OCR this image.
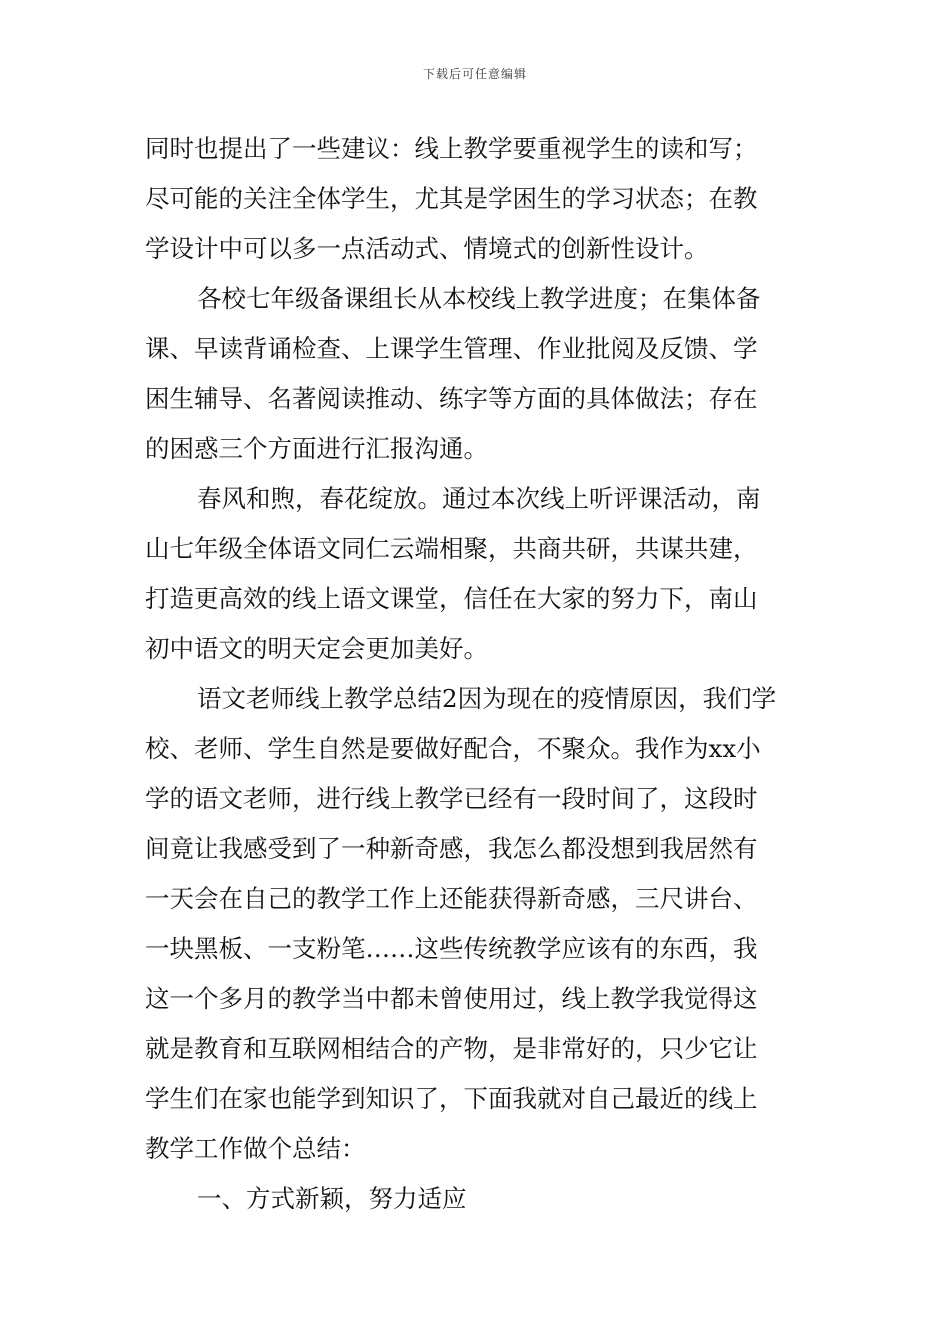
下载后可任意编辑
同时也提出了一些建议：线上教学要重视学生的读和写；
尽可能的关注全体学生，尤其是学困生的学习状态；在教
学设计中可以多一点活动式、情境式的创新性设计。
各校七年级备课组长从本校线上教学进度；在集体备
课、早读背诵检查、上课学生管理、作业批阅及反馈、学
困生辅导、名著阅读推动、练字等方面的具体做法；存在
的困惑三个方面进行汇报沟通。
春风和煦，春花绽放。通过本次线上听评课活动，南
山七年级全体语文同仁云端相聚，共商共研，共谋共建，
打造更高效的线上语文课堂，信任在大家的努力下，南山
初中语文的明天定会更加美好。
语文老师线上教学总结2因为现在的疫情原因，我们学
校、老师、学生自然是要做好配合，不聚众。我作为xx小
学的语文老师，进行线上教学已经有一段时间了，这段时
间竟让我感受到了一种新奇感，我怎么都没想到我居然有
一天会在自己的教学工作上还能获得新奇感，三尺讲台、
一块黑板、一支粉笔……这些传统教学应该有的东西，我
这一个多月的教学当中都未曾使用过，线上教学我觉得这
就是教育和互联网相结合的产物，是非常好的，只少它让
学生们在家也能学到知识了，下面我就对自己最近的线上
教学工作做个总结：
一、方式新颖，努力适应
